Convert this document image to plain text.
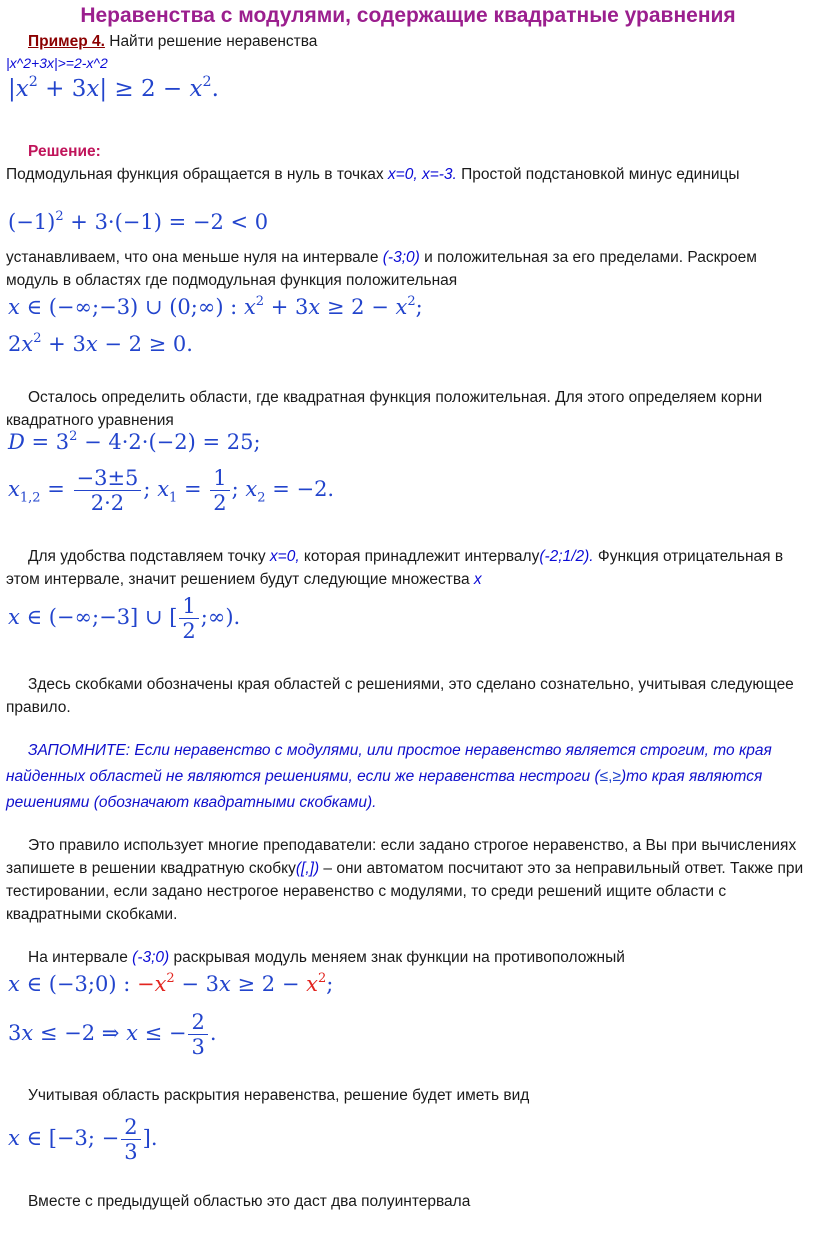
Неравенства с модулями, содержащие квадратные уравнения
Пример 4. Найти решение неравенства
|x^2+3x|>=2-x^2
$|x^2 + 3x| \ge 2 - x^2$.
Решение:
Подмодульная функция обращается в нуль в точках x=0, x=-3. Простой подстановкой минус единицы
$(-1)^2 + 3\cdot(-1) = -2 < 0$
устанавливаем, что она меньше нуля на интервале (-3;0) и положительная за его пределами. Раскроем модуль в областях где подмодульная функция положительная
x ∈ (−∞;−3) ∪ (0;∞) : $x^2 + 3x \ge 2 - x^2$;
$2x^2 + 3x - 2 \ge 0$.
Осталось определить области, где квадратная функция положительная. Для этого определяем корни квадратного уравнения
$D = 3^2 - 4\cdot 2\cdot(-2) = 25$;
$x_{1,2} = \frac{-3\pm 5}{2\cdot 2}$ ; $x_1 = \frac{1}{2}$ ; $x_2 = -2$.
Для удобства подставляем точку x=0, которая принадлежит интервалу(-2;1/2). Функция отрицательная в этом интервале, значит решением будут следующие множества x
x ∈ (−∞;−3] ∪ [ $\frac{1}{2}$ ;∞).
Здесь скобками обозначены края областей с решениями, это сделано сознательно, учитывая следующее правило.
ЗАПОМНИТЕ: Если неравенство с модулями, или простое неравенство является строгим, то края найденных областей не являются решениями, если же неравенства нестроги (≤,≥)то края являются решениями (обозначают квадратными скобками).
Это правило использует многие преподаватели: если задано строгое неравенство, а Вы при вычислениях запишете в решении квадратную скобку([,]) – они автоматом посчитают это за неправильный ответ. Также при тестировании, если задано нестрогое неравенство с модулями, то среди решений ищите области с квадратными скобками.
На интервале (-3;0) раскрывая модуль меняем знак функции на противоположный
x ∈ (−3;0) : $-x^2 - 3x \ge 2 - x^2$;
3x ≤ −2 ⇒ x ≤ − $\frac{2}{3}$ .
Учитывая область раскрытия неравенства, решение будет иметь вид
x ∈ [−3; − $\frac{2}{3}$ ].
Вместе с предыдущей областью это даст два полуинтервала
